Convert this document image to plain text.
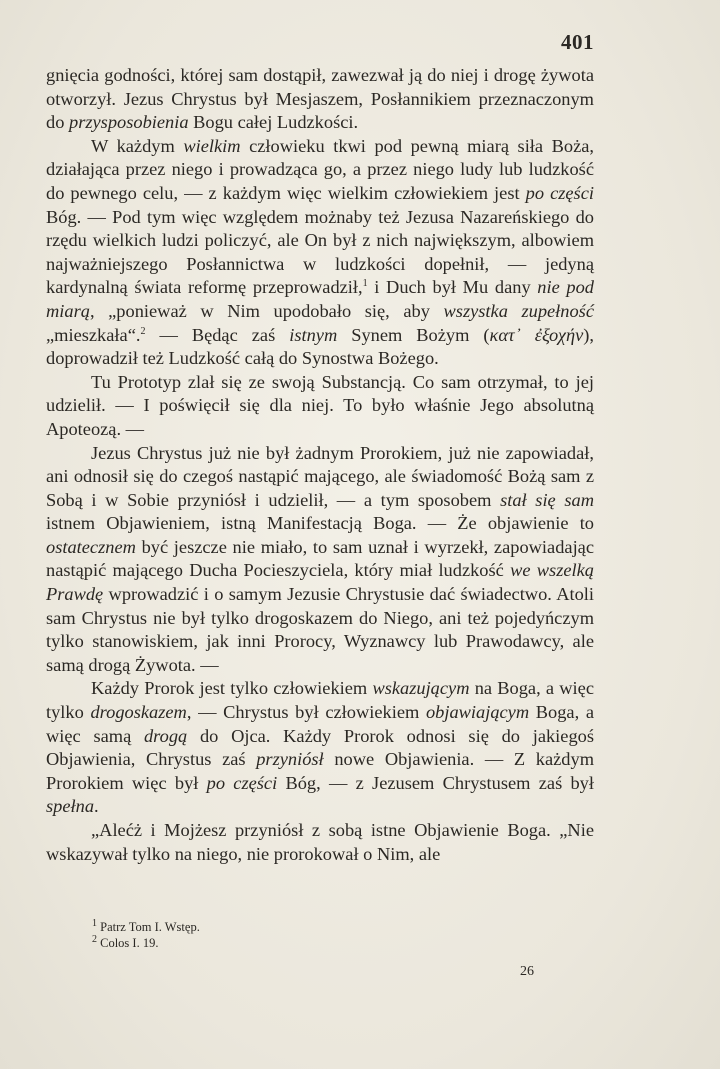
401

gnięcia godności, której sam dostąpił, zawezwał ją do niej i drogę żywota otworzył. Jezus Chrystus był Mesjaszem, Posłannikiem przeznaczonym do przysposobienia Bogu całej Ludzkości.

W każdym wielkim człowieku tkwi pod pewną miarą siła Boża, działająca przez niego i prowadząca go, a przez niego ludy lub ludzkość do pewnego celu, — z każdym więc wielkim człowiekiem jest po części Bóg. — Pod tym więc względem możnaby też Jezusa Nazareńskiego do rzędu wielkich ludzi policzyć, ale On był z nich największym, albowiem najważniejszego Posłannictwa w ludzkości dopełnił, — jedyną kardynalną świata reformę przeprowadził,$^1$ i Duch był Mu dany nie pod miarą, „ponieważ w Nim upodobało się, aby wszystka zupełność „mieszkała“.$^2$ — Będąc zaś istnym Synem Bożym (κατ᾽ ἐξοχήν), doprowadził też Ludzkość całą do Synostwa Bożego.

Tu Prototyp zlał się ze swoją Substancją. Co sam otrzymał, to jej udzielił. — I poświęcił się dla niej. To było właśnie Jego absolutną Apoteozą. —

Jezus Chrystus już nie był żadnym Prorokiem, już nie zapowiadał, ani odnosił się do czegoś nastąpić mającego, ale świadomość Bożą sam z Sobą i w Sobie przyniósł i udzielił, — a tym sposobem stał się sam istnem Objawieniem, istną Manifestacją Boga. — Że objawienie to ostatecznem być jeszcze nie miało, to sam uznał i wyrzekł, zapowiadając nastąpić mającego Ducha Pocieszyciela, który miał ludzkość we wszelką Prawdę wprowadzić i o samym Jezusie Chrystusie dać świadectwo. Atoli sam Chrystus nie był tylko drogoskazem do Niego, ani też pojedyńczym tylko stanowiskiem, jak inni Prorocy, Wyznawcy lub Prawodawcy, ale samą drogą Żywota. —

Każdy Prorok jest tylko człowiekiem wskazującym na Boga, a więc tylko drogoskazem, — Chrystus był człowiekiem objawiającym Boga, a więc samą drogą do Ojca. Każdy Prorok odnosi się do jakiegoś Objawienia, Chrystus zaś przyniósł nowe Objawienia. — Z każdym Prorokiem więc był po części Bóg, — z Jezusem Chrystusem zaś był spełna.

„Alećż i Mojżesz przyniósł z sobą istne Objawienie Boga. „Nie wskazywał tylko na niego, nie prorokował o Nim, ale

$^1$ Patrz Tom I. Wstęp.
$^2$ Colos I. 19.
26
